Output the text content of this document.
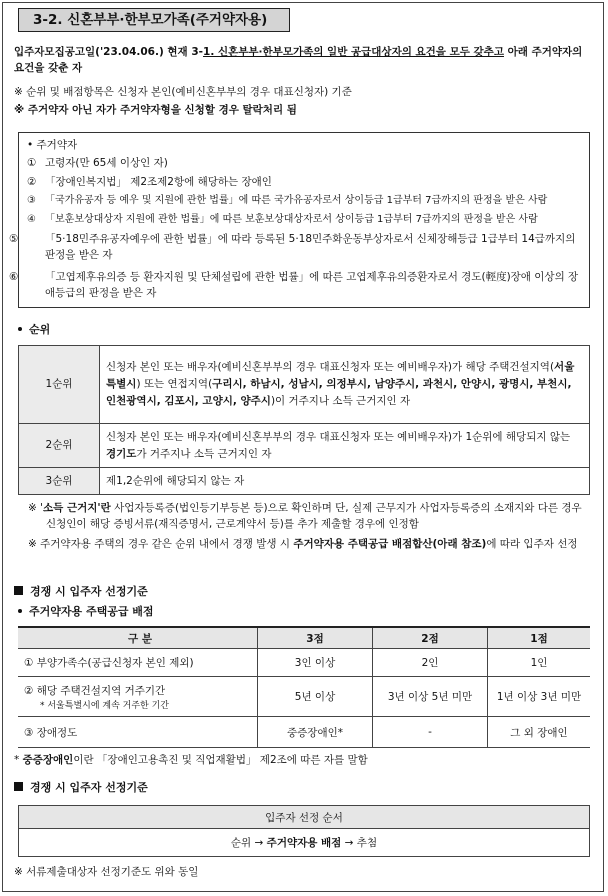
3-2. 신혼부부·한부모가족(주거약자용)
입주자모집공고일('23.04.06.) 현재 3-1. 신혼부부·한부모가족의 일반 공급대상자의 요건을 모두 갖추고 아래 주거약자의 요건을 갖춘 자
※ 순위 및 배점항목은 신청자 본인(예비신혼부부의 경우 대표신청자) 기준
※ 주거약자 아닌 자가 주거약자형을 신청할 경우 탈락처리 됨
• 주거약자
① 고령자(만 65세 이상인 자)
② 「장애인복지법」 제2조제2항에 해당하는 장애인
③ 「국가유공자 등 예우 및 지원에 관한 법률」에 따른 국가유공자로서 상이등급 1급부터 7급까지의 판정을 받은 사람
④ 「보훈보상대상자 지원에 관한 법률」에 따른 보훈보상대상자로서 상이등급 1급부터 7급까지의 판정을 받은 사람
⑤	「5·18민주유공자예우에 관한 법률」에 따라 등록된 5·18민주화운동부상자로서 신체장해등급 1급부터 14급까지의 판정을 받은 자
⑥	「고엽제후유의증 등 환자지원 및 단체설립에 관한 법률」에 따른 고엽제후유의증환자로서 경도(輕度)장애 이상의 장애등급의 판정을 받은 자
순위
1순위	신청자 본인 또는 배우자(예비신혼부부의 경우 대표신청자 또는 예비배우자)가 해당 주택건설지역(서울특별시) 또는 연접지역(구리시, 하남시, 성남시, 의정부시, 남양주시, 과천시, 안양시, 광명시, 부천시, 인천광역시, 김포시, 고양시, 양주시)이 거주지나 소득 근거지인 자
2순위	신청자 본인 또는 배우자(예비신혼부부의 경우 대표신청자 또는 예비배우자)가 1순위에 해당되지 않는 경기도가 거주지나 소득 근거지인 자
3순위	제1,2순위에 해당되지 않는 자
※ '소득 근거지'란 사업자등록증(법인등기부등본 등)으로 확인하며 단, 실제 근무지가 사업자등록증의 소재지와 다른 경우 신청인이 해당 증빙서류(재직증명서, 근로계약서 등)를 추가 제출할 경우에 인정함
※ 주거약자용 주택의 경우 같은 순위 내에서 경쟁 발생 시 주거약자용 주택공급 배점합산(아래 참조)에 따라 입주자 선정
경쟁 시 입주자 선정기준
주거약자용 주택공급 배점
구 분	3점	2점	1점
① 부양가족수(공급신청자 본인 제외)	3인 이상	2인	1인

② 해당 주택건설지역 거주기간
* 서울특별시에 계속 거주한 기간	5년 이상	3년 이상 5년 미만	1년 이상 3년 미만
③ 장애정도	중증장애인*	-	그 외 장애인
* 중증장애인이란 「장애인고용촉진 및 직업재활법」 제2조에 따른 자를 말함
경쟁 시 입주자 선정기준
입주자 선정 순서
순위 → 주거약자용 배점 → 추첨
※ 서류제출대상자 선정기준도 위와 동일
